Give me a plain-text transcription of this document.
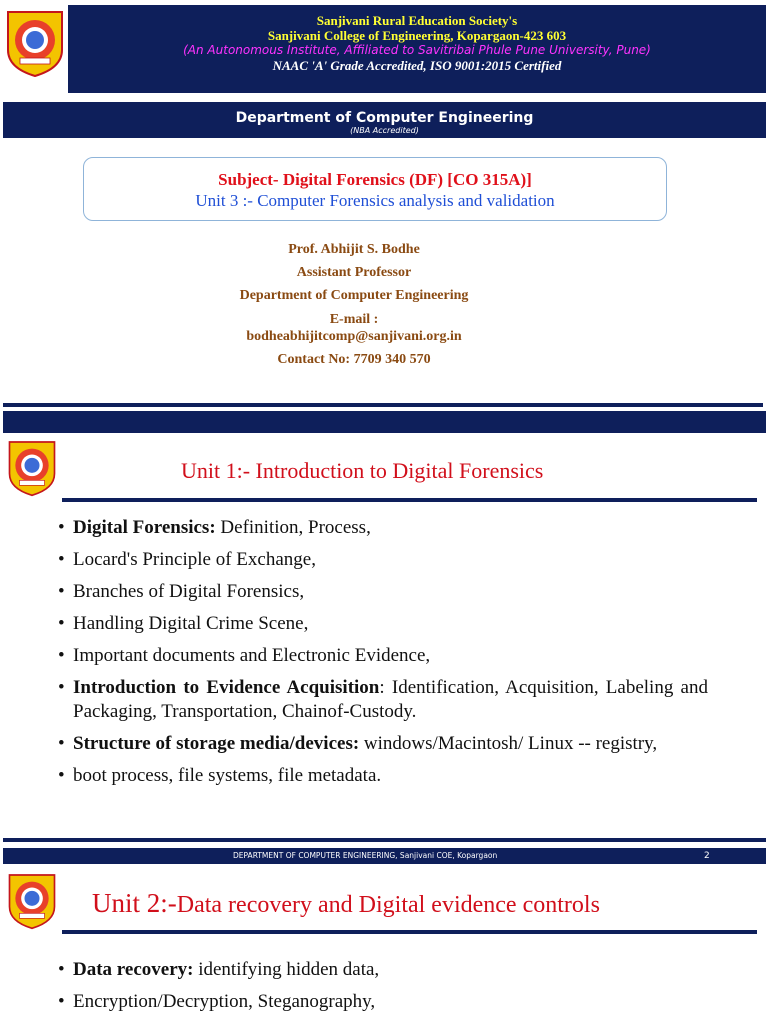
Sanjivani Rural Education Society's
Sanjivani College of Engineering, Kopargaon-423 603
(An Autonomous Institute, Affiliated to Savitribai Phule Pune University, Pune)
NAAC 'A' Grade Accredited, ISO 9001:2015 Certified
Department of Computer Engineering
(NBA Accredited)
Subject- Digital Forensics (DF) [CO 315A)]
Unit 3 :- Computer Forensics analysis and validation
Prof. Abhijit S. Bodhe
Assistant Professor
Department of Computer Engineering
E-mail :
bodheabhijitcomp@sanjivani.org.in
Contact No: 7709 340 570
Unit 1:- Introduction to Digital Forensics
• Digital Forensics: Definition, Process,
• Locard's Principle of Exchange,
• Branches of Digital Forensics,
• Handling Digital Crime Scene,
• Important documents and Electronic Evidence,
• Introduction to Evidence Acquisition: Identification, Acquisition, Labeling and Packaging, Transportation, Chainof-Custody.
• Structure of storage media/devices: windows/Macintosh/ Linux -- registry,
• boot process, file systems, file metadata.
DEPARTMENT OF COMPUTER ENGINEERING, Sanjivani COE, Kopargaon	2
Unit 2:-Data recovery and Digital evidence controls
• Data recovery: identifying hidden data,
• Encryption/Decryption, Steganography,
